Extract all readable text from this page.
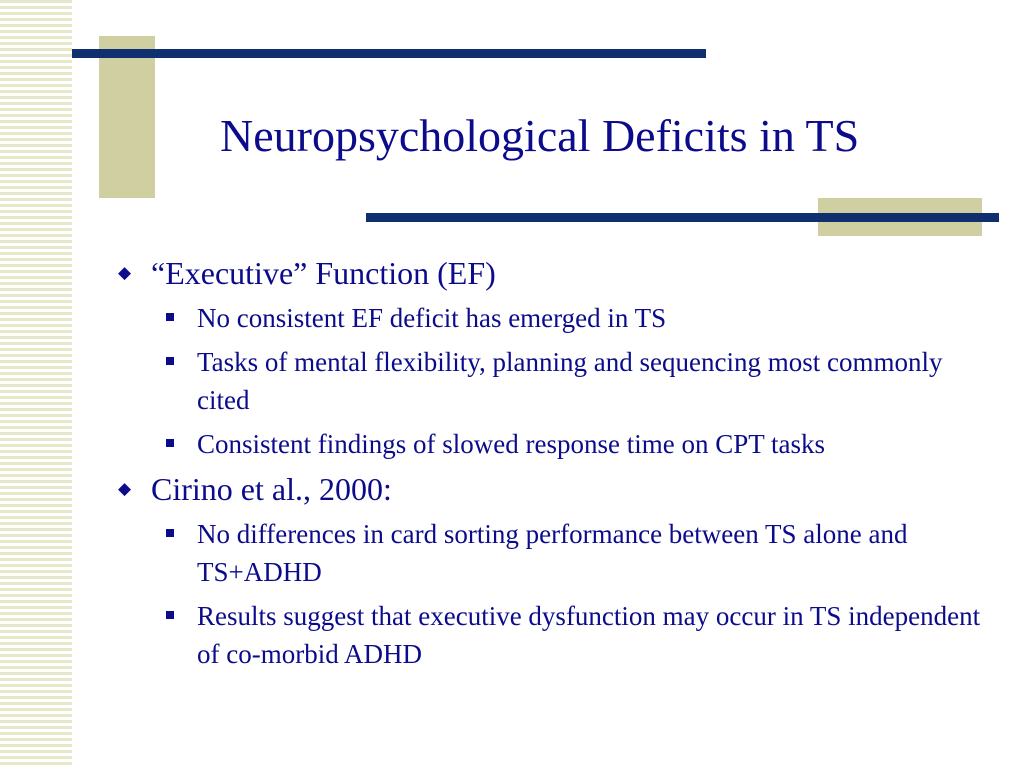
Neuropsychological Deficits in TS
◆ “Executive” Function (EF)
No consistent EF deficit has emerged in TS
Tasks of mental flexibility, planning and sequencing most commonly cited
Consistent findings of slowed response time on CPT tasks
◆ Cirino et al., 2000:
No differences in card sorting performance between TS alone and TS+ADHD
Results suggest that executive dysfunction may occur in TS independent of co-morbid ADHD
